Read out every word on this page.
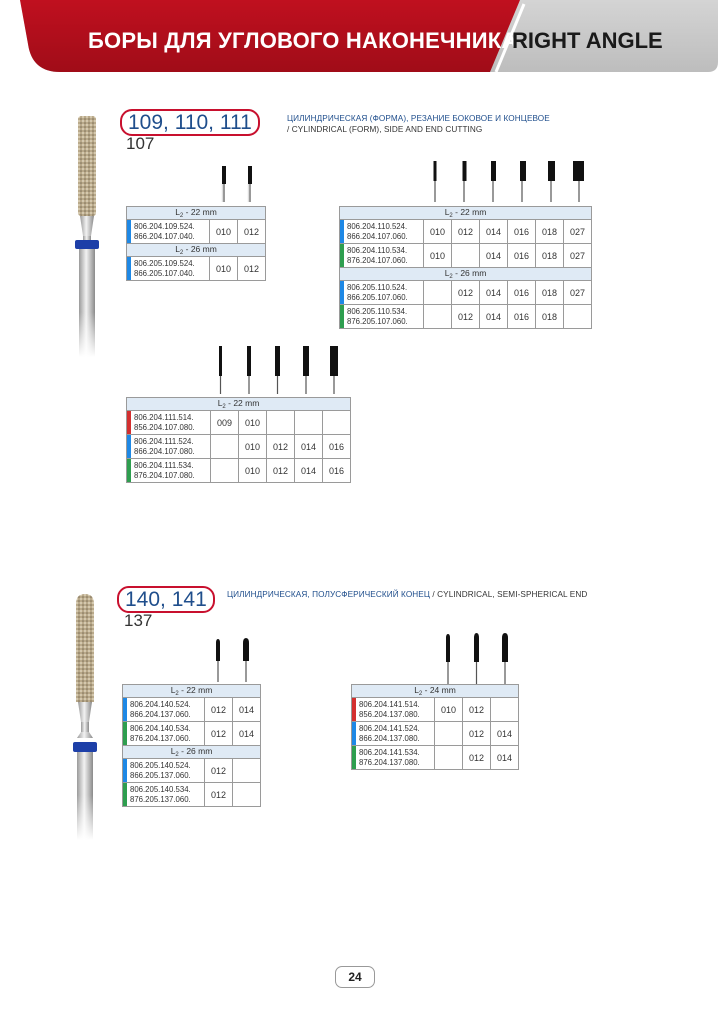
БОРЫ ДЛЯ УГЛОВОГО НАКОНЕЧНИКА
RIGHT ANGLE
109, 110, 111
107
ЦИЛИНДРИЧЕСКАЯ (ФОРМА), РЕЗАНИЕ БОКОВОЕ И КОНЦЕВОЕ
/ CYLINDRICAL (FORM), SIDE AND END CUTTING
$L_2 - 22$ mm		

806.204.109.524.
866.204.107.040.	010	012
$L_2 - 26$ mm		

806.205.109.524.
866.205.107.040.	010	012
$L_2 - 22$ mm						

806.204.110.524.
866.204.107.060.	010	012	014	016	018	027

806.204.110.534.
876.204.107.060.	010		014	016	018	027
$L_2 - 26$ mm						

806.205.110.524.
866.205.107.060.		012	014	016	018	027

806.205.110.534.
876.205.107.060.		012	014	016	018	
$L_2 - 22$ mm					

806.204.111.514.
856.204.107.080.	009	010			

806.204.111.524.
866.204.107.080.		010	012	014	016

806.204.111.534.
876.204.107.080.		010	012	014	016
140, 141
137
ЦИЛИНДРИЧЕСКАЯ, ПОЛУСФЕРИЧЕСКИЙ КОНЕЦ / CYLINDRICAL, SEMI-SPHERICAL END
$L_2 - 22$ mm		

806.204.140.524.
866.204.137.060.	012	014

806.204.140.534.
876.204.137.060.	012	014
$L_2 - 26$ mm		

806.205.140.524.
866.205.137.060.	012	

806.205.140.534.
876.205.137.060.	012	
$L_2 - 24$ mm			

806.204.141.514.
856.204.137.080.	010	012	

806.204.141.524.
866.204.137.080.		012	014

806.204.141.534.
876.204.137.080.		012	014
24
